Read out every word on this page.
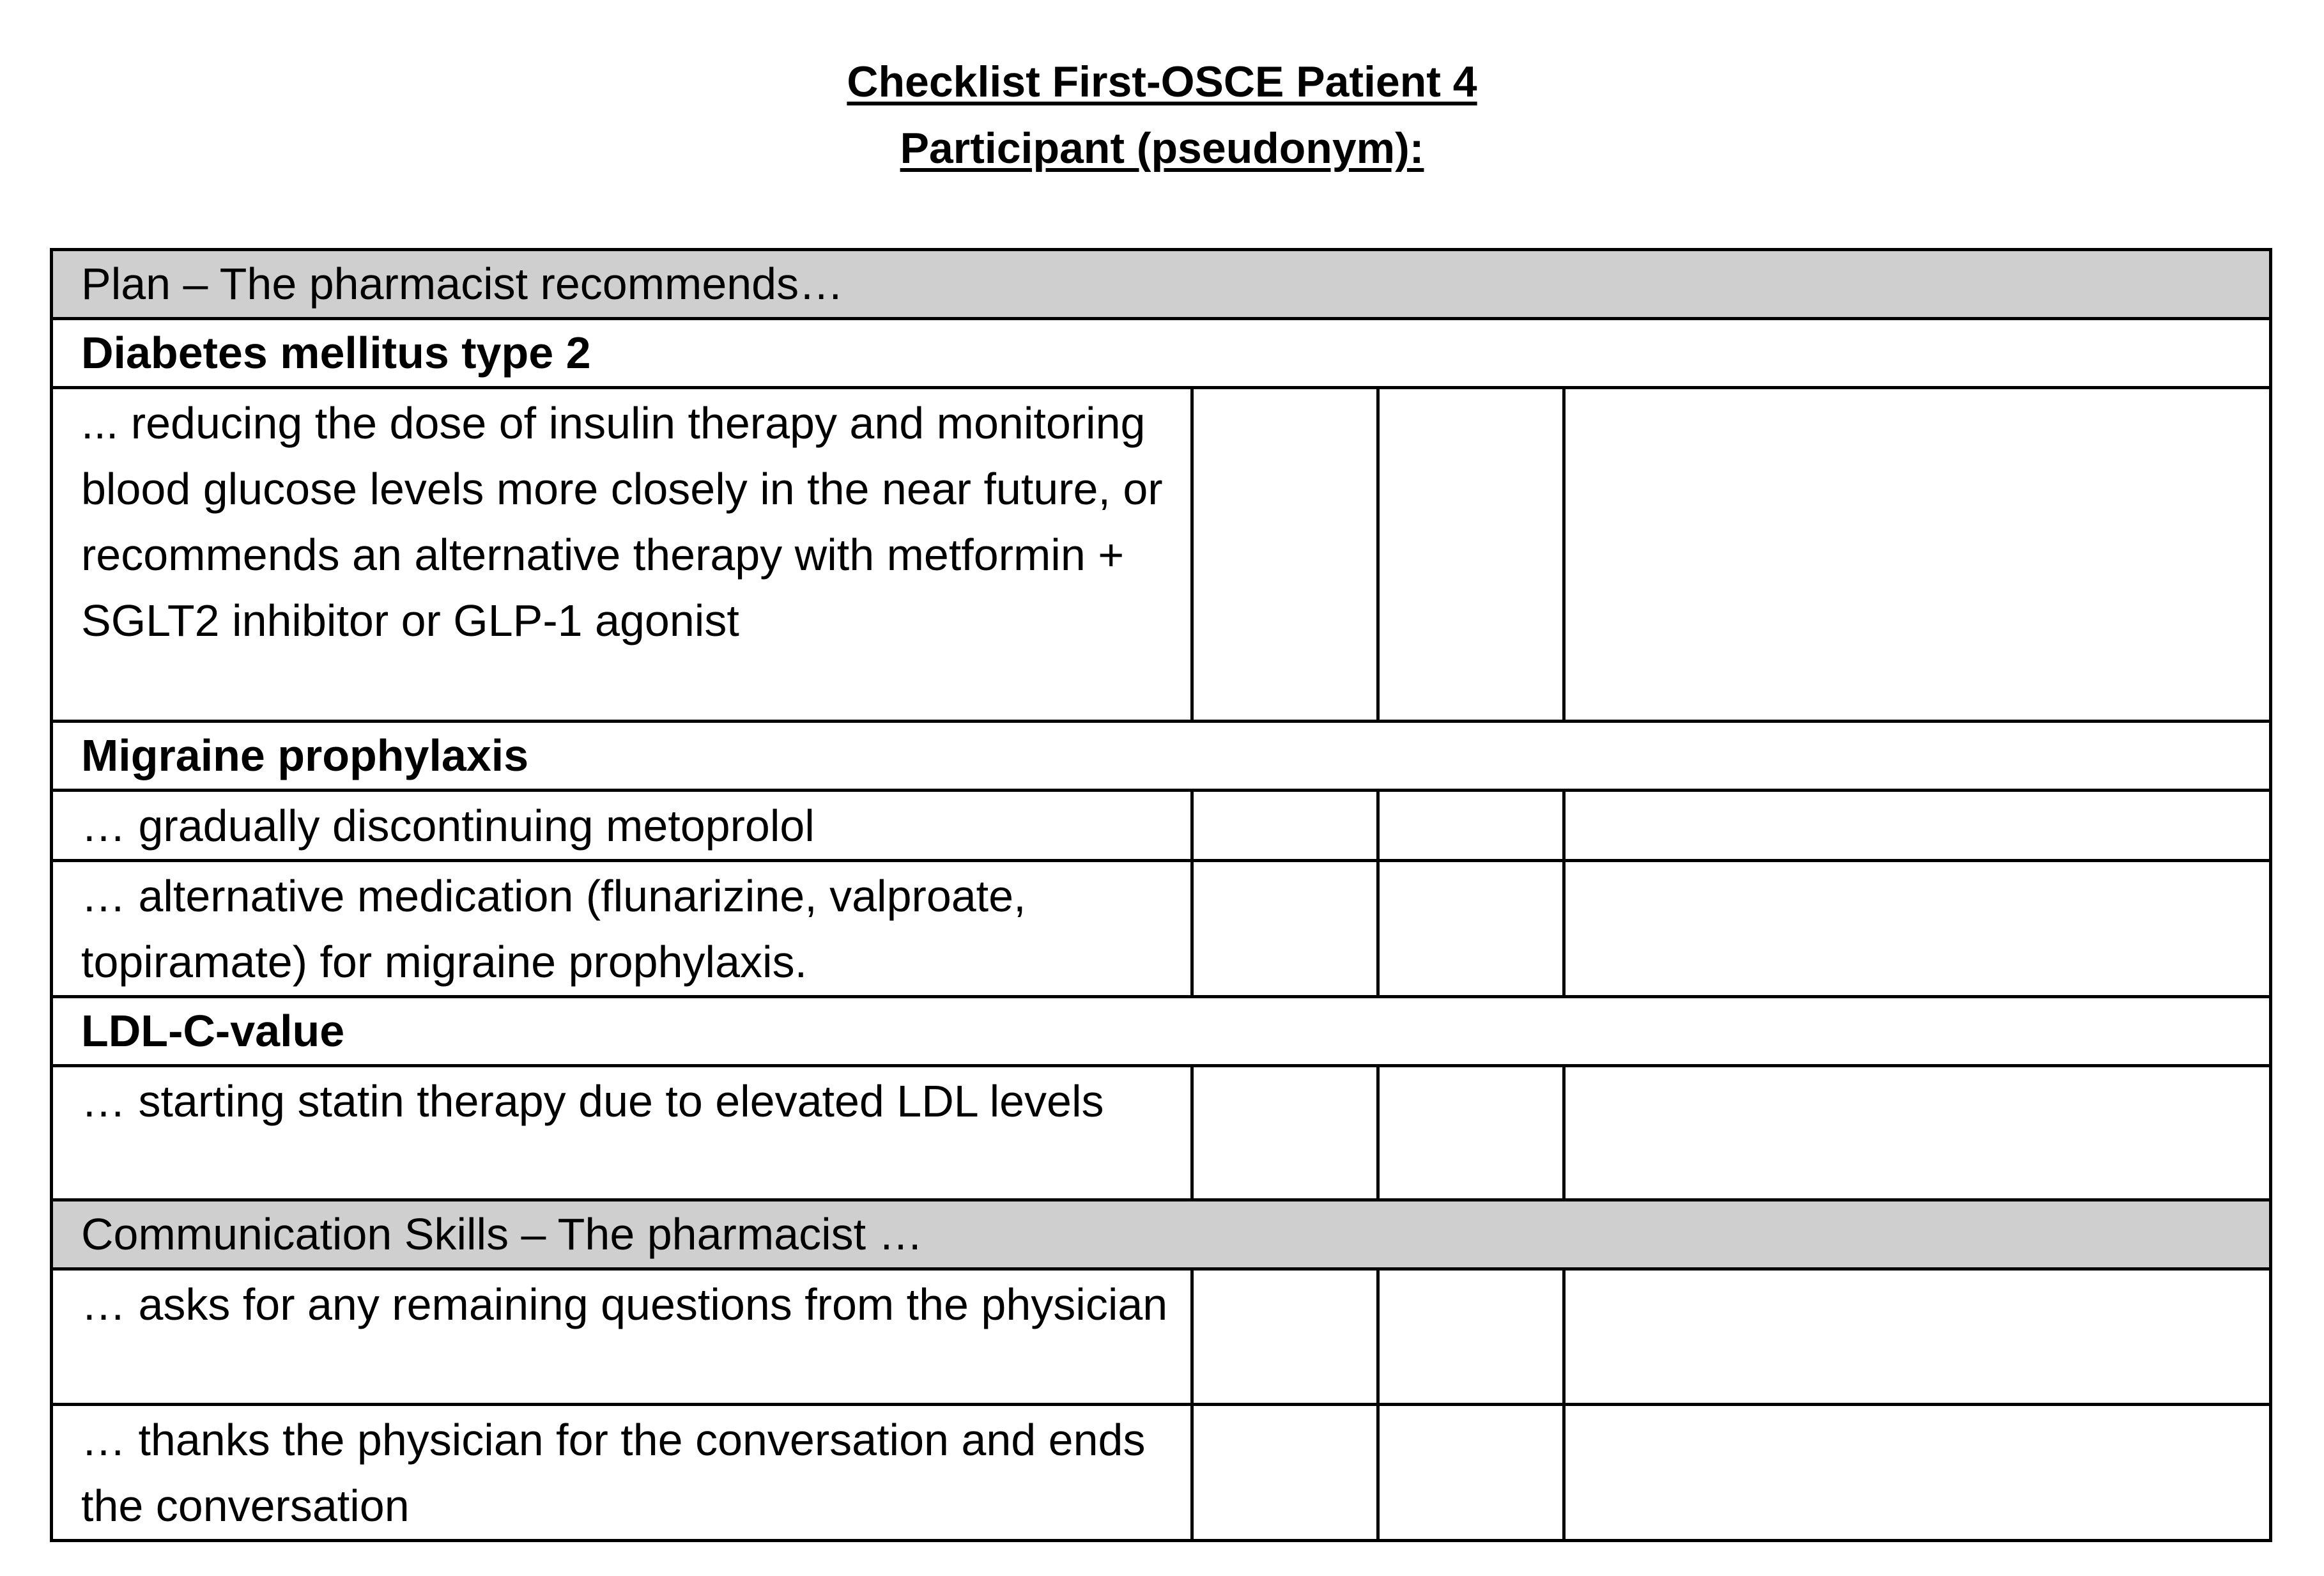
Checklist First-OSCE Patient 4
Participant (pseudonym):
Plan – The pharmacist recommends…			
Diabetes mellitus type 2			

... reducing the dose of insulin therapy and monitoring blood glucose levels more closely in the near future, or recommends an alternative therapy with metformin + SGLT2 inhibitor or GLP-1 agonist			

Migraine prophylaxis			

… gradually discontinuing metoprolol			

… alternative medication (flunarizine, valproate, topiramate) for migraine prophylaxis.			

LDL-C-value			

… starting statin therapy due to elevated LDL levels			

Communication Skills – The pharmacist …			

… asks for any remaining questions from the physician			

… thanks the physician for the conversation and ends the conversation			
